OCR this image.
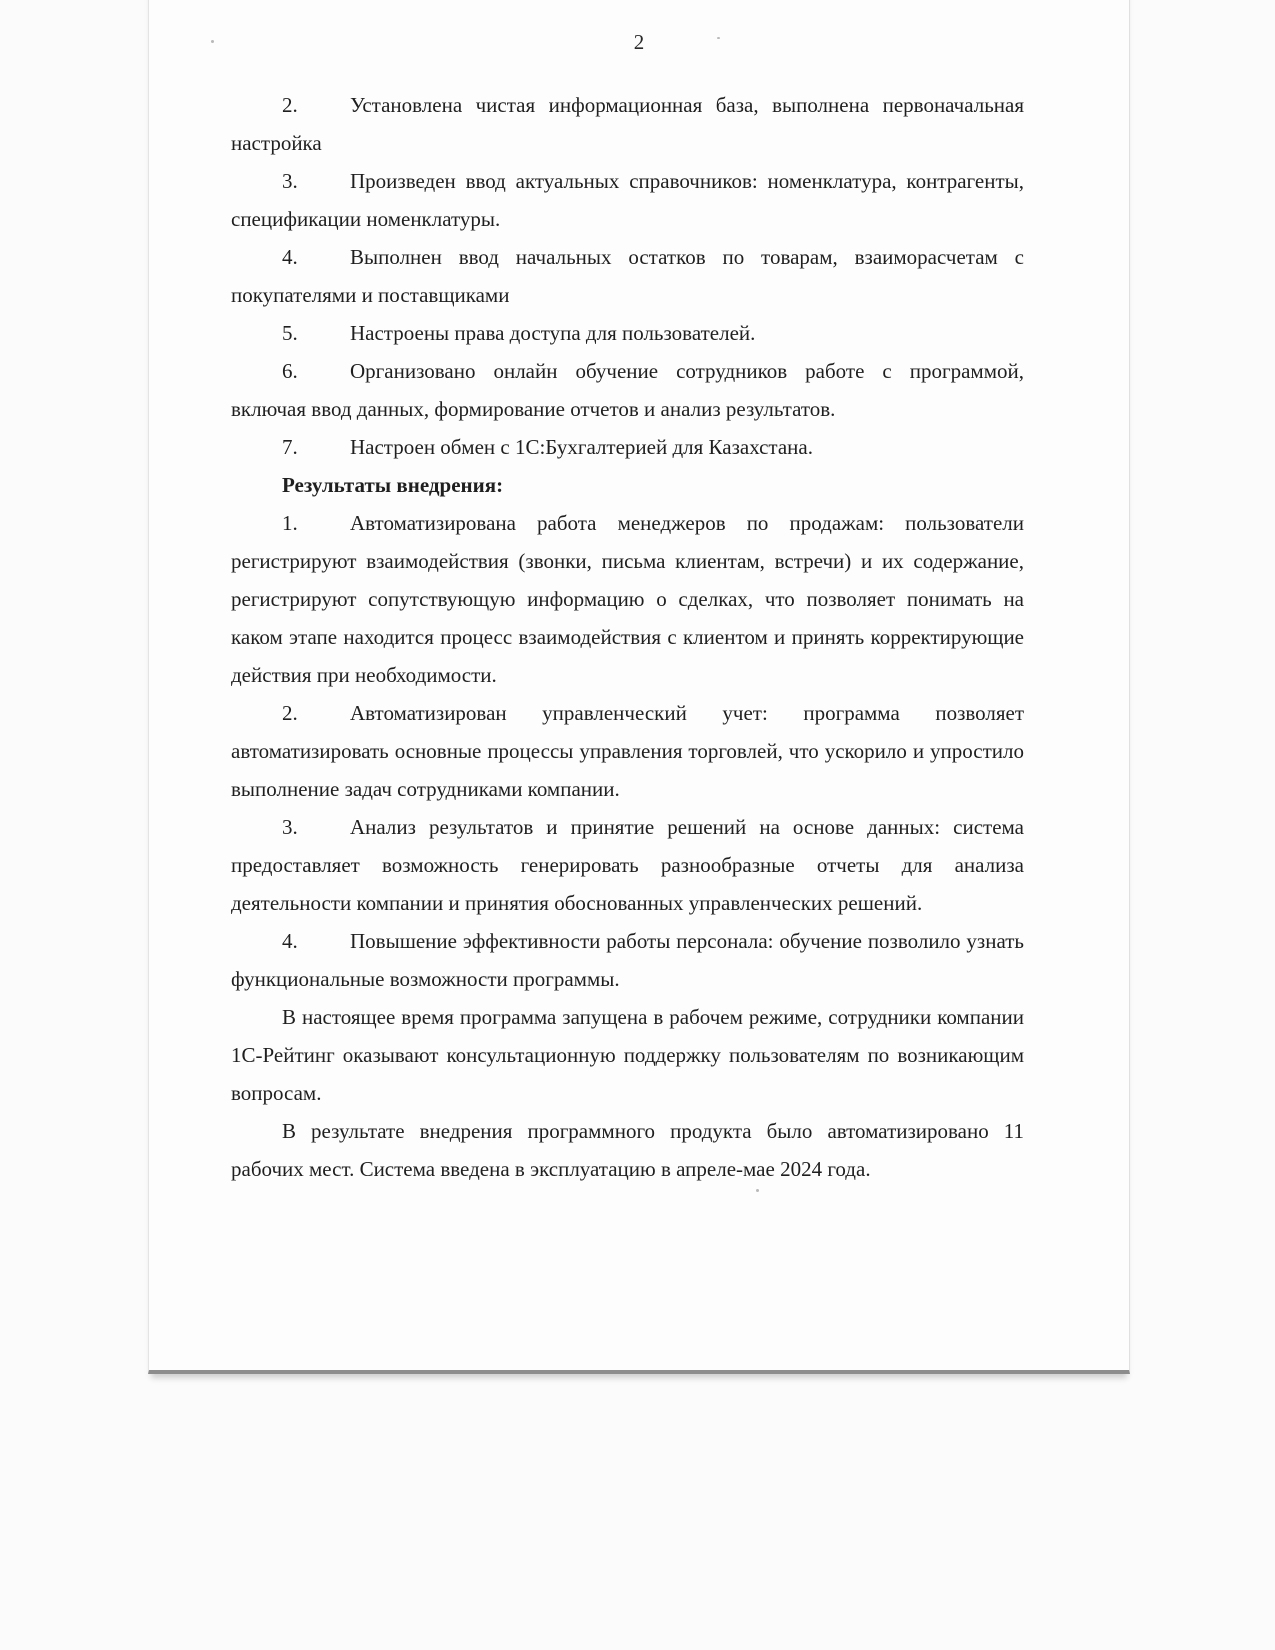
2

2. Установлена чистая информационная база, выполнена первоначальная настройка

3. Произведен ввод актуальных справочников: номенклатура, контрагенты, спецификации номенклатуры.

4. Выполнен ввод начальных остатков по товарам, взаиморасчетам с покупателями и поставщиками

5. Настроены права доступа для пользователей.

6. Организовано онлайн обучение сотрудников работе с программой, включая ввод данных, формирование отчетов и анализ результатов.

7. Настроен обмен с 1С:Бухгалтерией для Казахстана.

Результаты внедрения:

1. Автоматизирована работа менеджеров по продажам: пользователи регистрируют взаимодействия (звонки, письма клиентам, встречи) и их содержание, регистрируют сопутствующую информацию о сделках, что позволяет понимать на каком этапе находится процесс взаимодействия с клиентом и принять корректирующие действия при необходимости.

2. Автоматизирован управленческий учет: программа позволяет автоматизировать основные процессы управления торговлей, что ускорило и упростило выполнение задач сотрудниками компании.

3. Анализ результатов и принятие решений на основе данных: система предоставляет возможность генерировать разнообразные отчеты для анализа деятельности компании и принятия обоснованных управленческих решений.

4. Повышение эффективности работы персонала: обучение позволило узнать функциональные возможности программы.

В настоящее время программа запущена в рабочем режиме, сотрудники компании 1С-Рейтинг оказывают консультационную поддержку пользователям по возникающим вопросам.

В результате внедрения программного продукта было автоматизировано 11 рабочих мест. Система введена в эксплуатацию в апреле-мае 2024 года.
